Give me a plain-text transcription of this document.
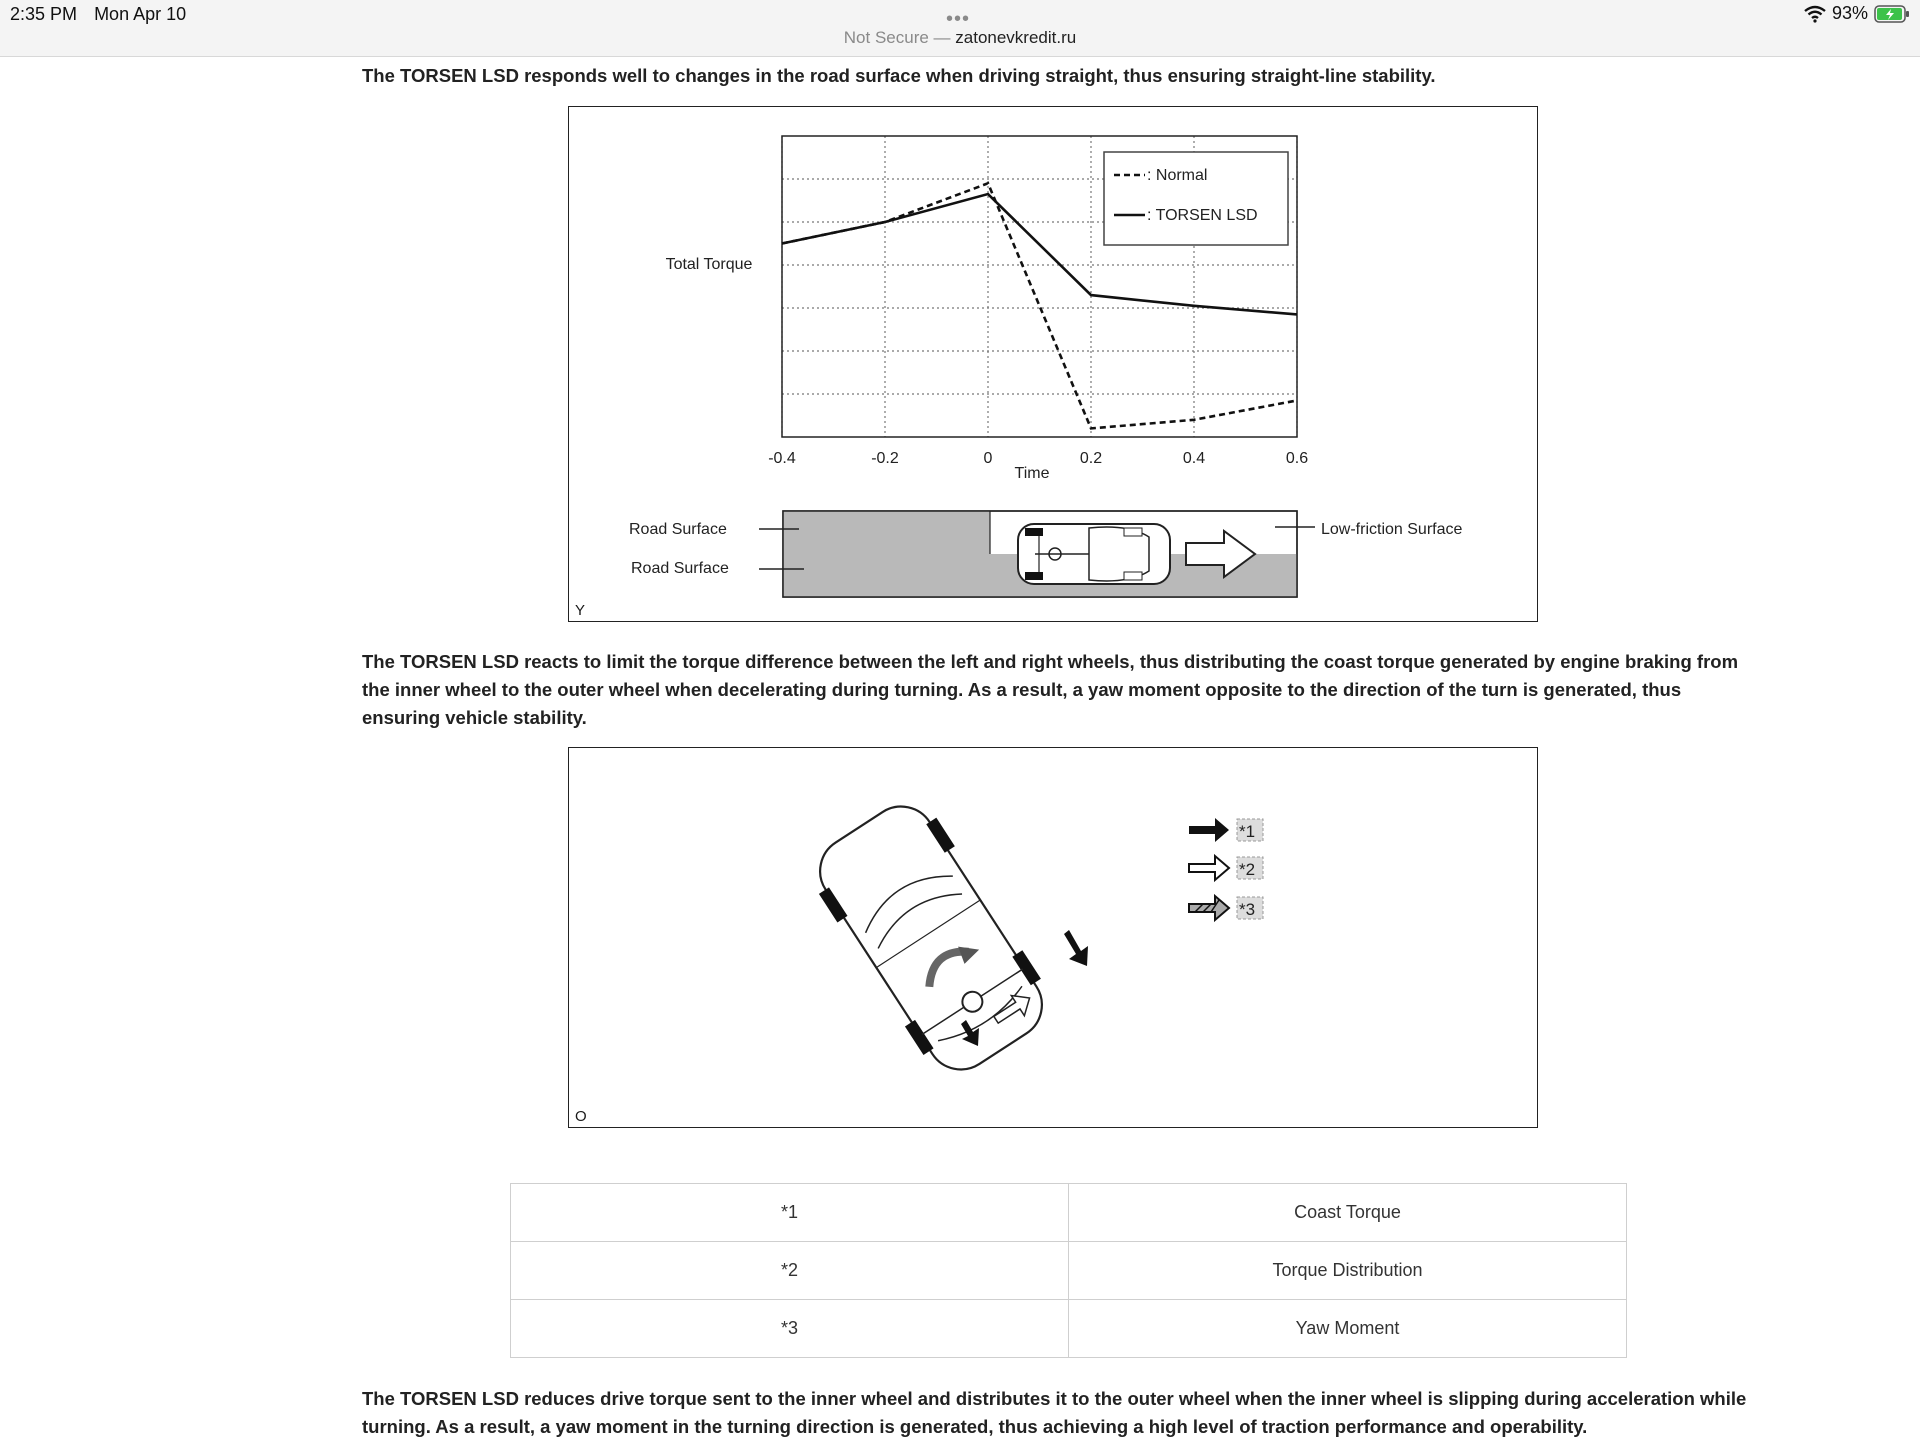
2:35 PM Mon Apr 10	•••
Not Secure — zatonevkredit.ru
93%
The TORSEN LSD responds well to changes in the road surface when driving straight, thus ensuring straight-line stability.
-0.4	-0.2	0	0.2	0.4	0.6
Time
Total Torque
: Normal
: TORSEN LSD
Road Surface
Road Surface
Low-friction Surface
Y
The TORSEN LSD reacts to limit the torque difference between the left and right wheels, thus distributing the coast torque generated by engine braking from the inner wheel to the outer wheel when decelerating during turning. As a result, a yaw moment opposite to the direction of the turn is generated, thus ensuring vehicle stability.
*1
*2
*3
O
*1	Coast Torque
*2	Torque Distribution
*3	Yaw Moment
The TORSEN LSD reduces drive torque sent to the inner wheel and distributes it to the outer wheel when the inner wheel is slipping during acceleration while turning. As a result, a yaw moment in the turning direction is generated, thus achieving a high level of traction performance and operability.
